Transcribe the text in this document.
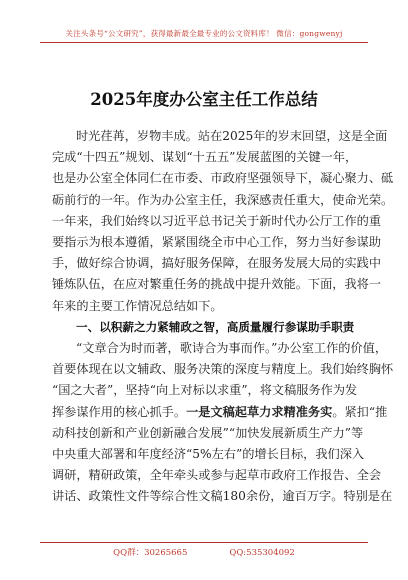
关注头条号“公文研究”，获得最新最全最专业的公文资料库！ 微信：gongwenyj
2025年度办公室主任工作总结
时光荏苒，岁物丰成。站在2025年的岁末回望，这是全面
完成“十四五”规划、谋划“十五五”发展蓝图的关键一年，
也是办公室全体同仁在市委、市政府坚强领导下，凝心聚力、砥
砺前行的一年。作为办公室主任，我深感责任重大，使命光荣。
一年来，我们始终以习近平总书记关于新时代办公厅工作的重
要指示为根本遵循，紧紧围绕全市中心工作，努力当好参谋助
手，做好综合协调，搞好服务保障，在服务发展大局的实践中
锤炼队伍，在应对繁重任务的挑战中提升效能。下面，我将一
年来的主要工作情况总结如下。
一、以积薪之力紧辅政之智，高质量履行参谋助手职责
“文章合为时而著，歌诗合为事而作。”办公室工作的价值，
首要体现在以文辅政、服务决策的深度与精度上。我们始终胸怀
“国之大者”，坚持“向上对标以求重”，将文稿服务作为发
挥参谋作用的核心抓手。一是文稿起草力求精准务实。紧扣“推
动科技创新和产业创新融合发展”“加快发展新质生产力”等
中央重大部署和年度经济“5%左右”的增长目标，我们深入
调研，精研政策，全年牵头或参与起草市政府工作报告、全会
讲话、政策性文件等综合性文稿180余份，逾百万字。特别是在
QQ群：30265665	QQ:535304092
